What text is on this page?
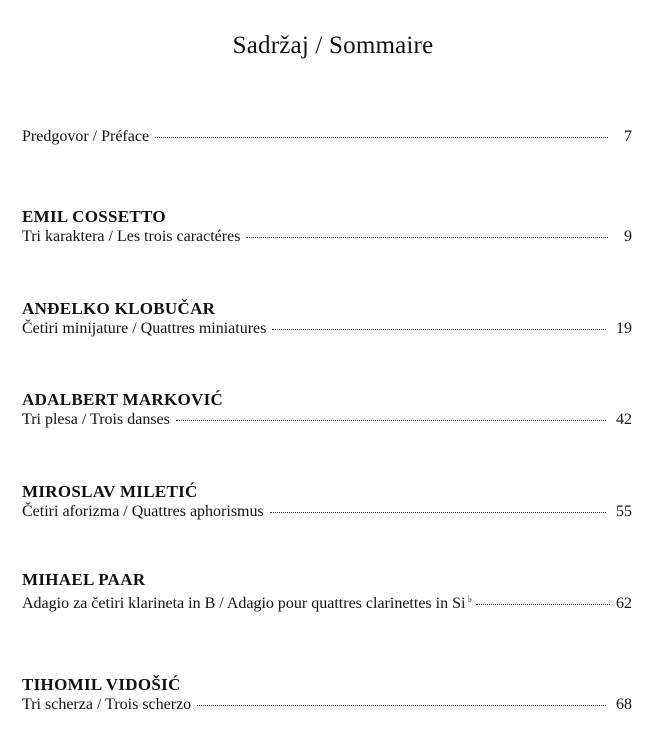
Sadržaj / Sommaire
Predgovor / Préface	7
EMIL COSSETTO
Tri karaktera / Les trois caractéres	9
ANĐELKO KLOBUČAR
Četiri minijature / Quattres miniatures	19
ADALBERT MARKOVIĆ
Tri plesa / Trois danses	42
MIROSLAV MILETIĆ
Četiri aforizma / Quattres aphorismus	55
MIHAEL PAAR
Adagio za četiri klarineta in B / Adagio pour quattres clarinettes in Si ♭	62
TIHOMIL VIDOŠIĆ
Tri scherza / Trois scherzo	68
